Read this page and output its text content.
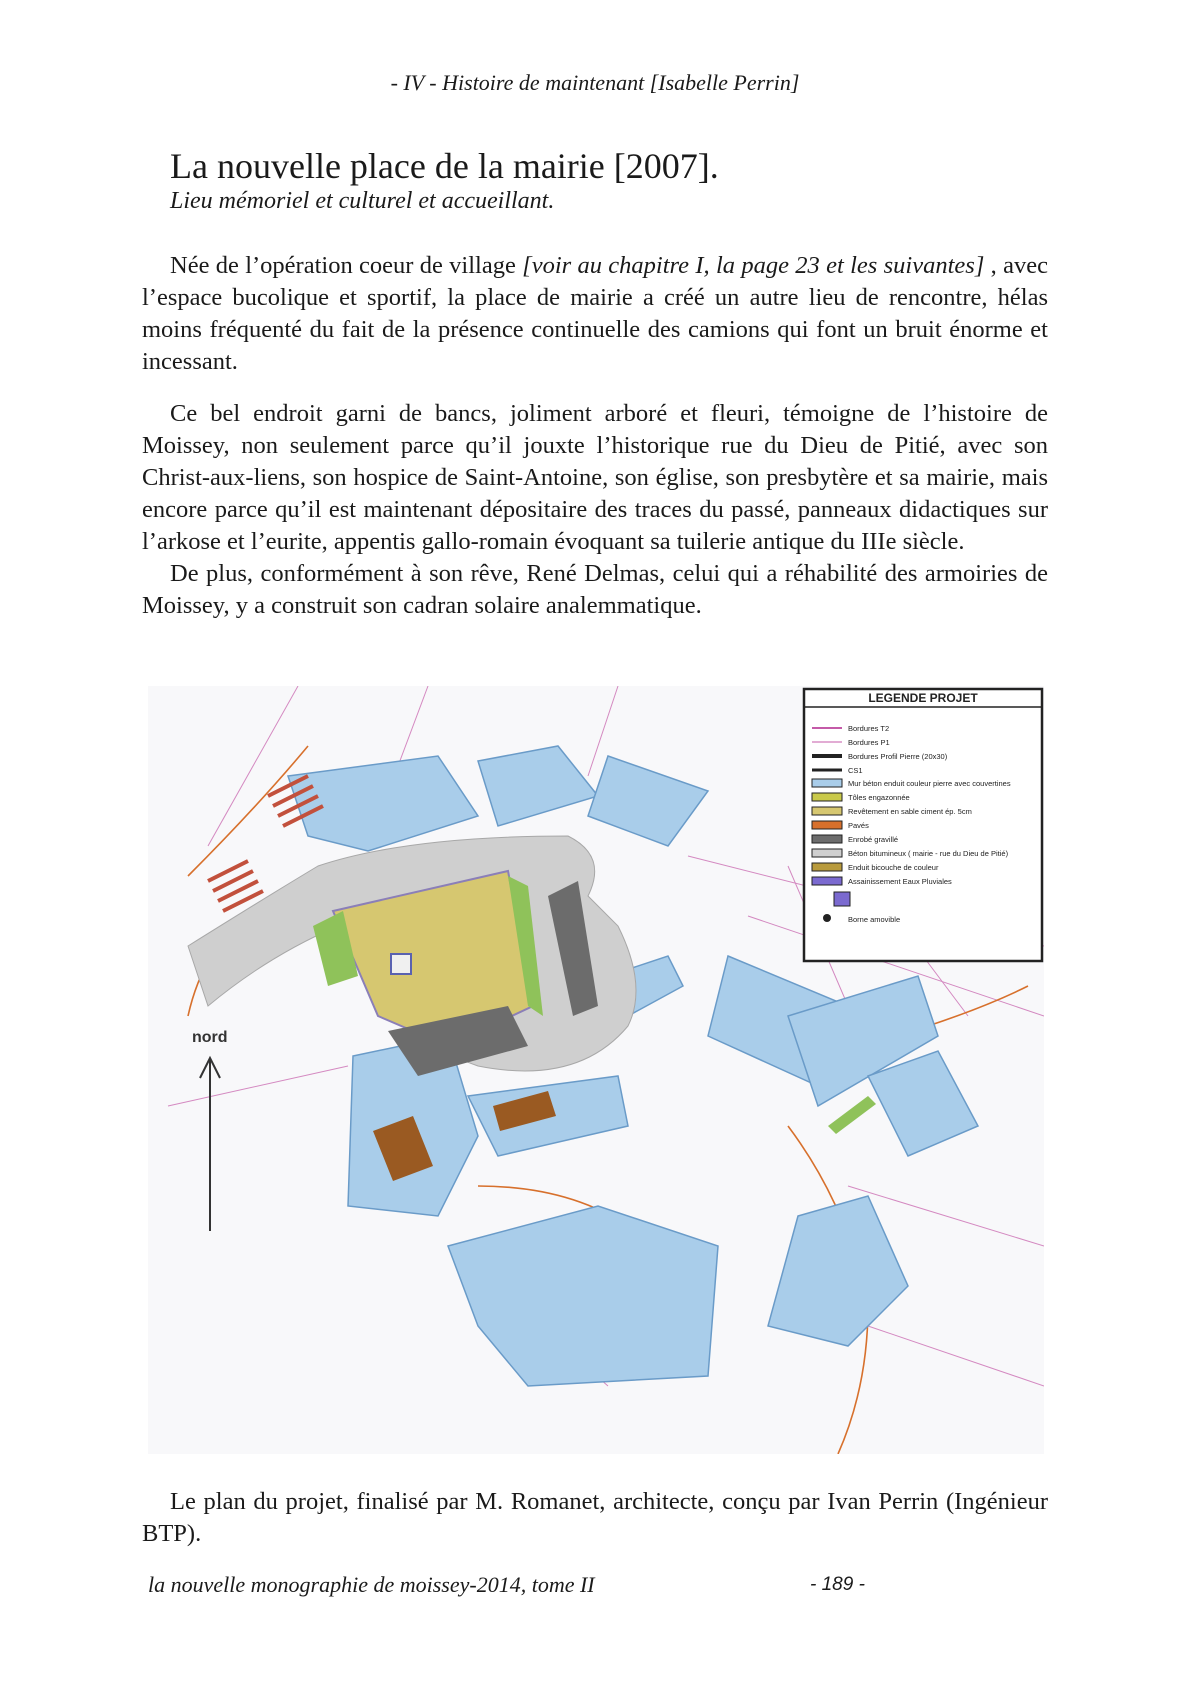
- IV - Histoire de maintenant [Isabelle Perrin]
La nouvelle place de la mairie [2007].
Lieu mémoriel et culturel et accueillant.

Née de l’opération coeur de village [voir au chapitre I, la page 23 et les suivantes] , avec l’espace bucolique et sportif, la place de mairie a créé un autre lieu de rencontre, hélas moins fréquenté du fait de la présence continuelle des camions qui font un bruit énorme et incessant.

Ce bel endroit garni de bancs, joliment arboré et fleuri, témoigne de l’histoire de Moissey, non seulement parce qu’il jouxte l’historique rue du Dieu de Pitié, avec son Christ-aux-liens, son hospice de Saint-Antoine, son église, son presbytère et sa mairie, mais encore parce qu’il est maintenant dépositaire des traces du passé, panneaux didactiques sur l’arkose et l’eurite, appentis gallo-romain évoquant sa tuilerie antique du IIIe siècle.

De plus, conformément à son rêve, René Delmas, celui qui a réhabilité des armoiries de Moissey, y a construit son cadran solaire analemmatique.

nord
LEGENDE PROJET
Bordures T2
Bordures P1
Bordures Profil Pierre (20x30)
CS1
Mur béton enduit couleur pierre avec couvertines
Tôles engazonnée
Revêtement en sable ciment ép. 5cm
Pavés
Enrobé gravillé
Béton bitumineux ( mairie - rue du Dieu de Pitié)
Enduit bicouche de couleur
Assainissement Eaux Pluviales
Borne amovible

Le plan du projet, finalisé par M. Romanet, architecte, conçu par Ivan Perrin (Ingénieur BTP).

la nouvelle monographie de moissey-2014, tome II	- 189 -
